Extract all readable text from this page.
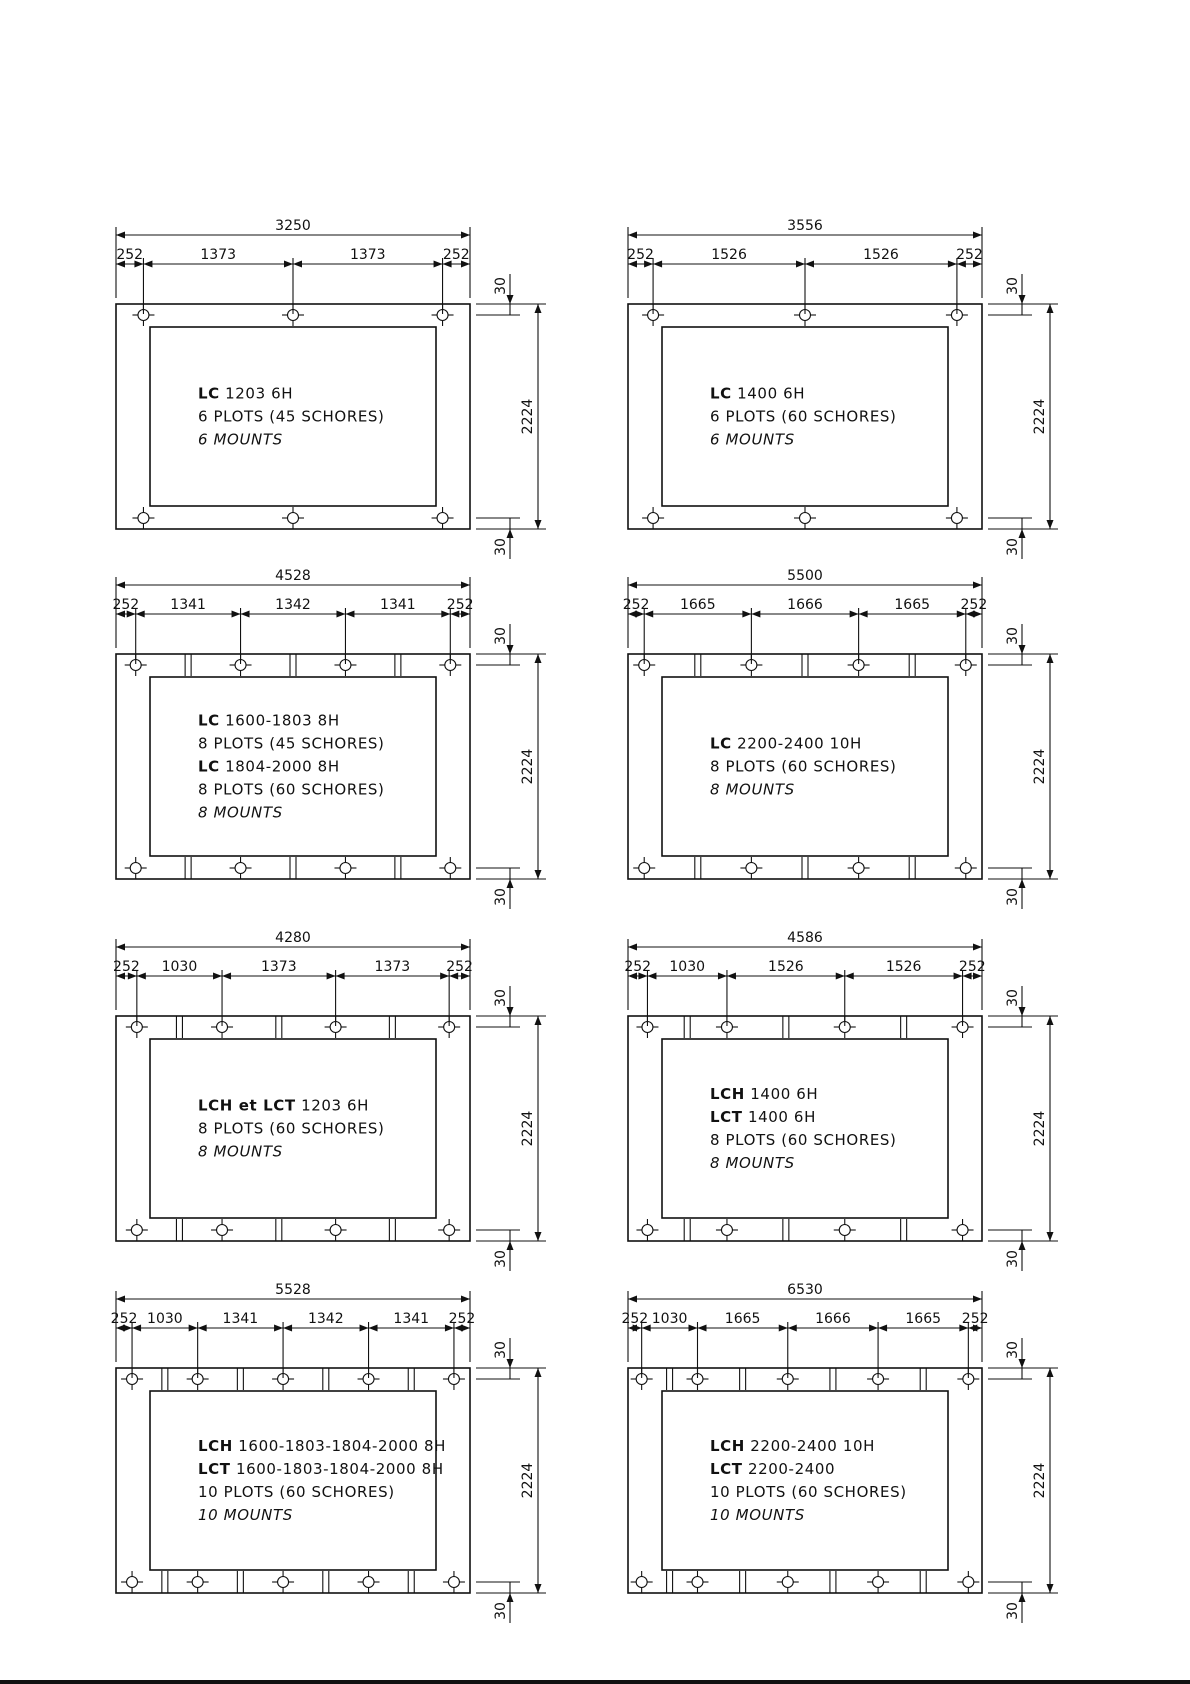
3250
252	1373	1373	252
2224
30
30
LC 1203 6H
6 PLOTS (45 SCHORES)
6 MOUNTS
3556
252	1526	1526	252
2224
30
30
LC 1400 6H
6 PLOTS (60 SCHORES)
6 MOUNTS
4528
252 1341	1342	1341 252
2224
30
30
LC 1600-1803 8H
8 PLOTS (45 SCHORES)
LC 1804-2000 8H
8 PLOTS (60 SCHORES)
8 MOUNTS
5500
252 1665	1666	1665 252
2224
30
30
LC 2200-2400 10H
8 PLOTS (60 SCHORES)
8 MOUNTS
4280
252 1030	1373	1373	252
2224
30
30
LCH et LCT 1203 6H
8 PLOTS (60 SCHORES)
8 MOUNTS
4586
252 1030	1526	1526	252
2224
30
30
LCH 1400 6H
LCT 1400 6H
8 PLOTS (60 SCHORES)
8 MOUNTS
5528
252 1030	1341	1342	1341 252
2224
30
30
LCH 1600-1803-1804-2000 8H
LCT 1600-1803-1804-2000 8H
10 PLOTS (60 SCHORES)
10 MOUNTS
6530
252 1030	1665	1666	1665 252
2224
30
30
LCH 2200-2400 10H
LCT 2200-2400
10 PLOTS (60 SCHORES)
10 MOUNTS
